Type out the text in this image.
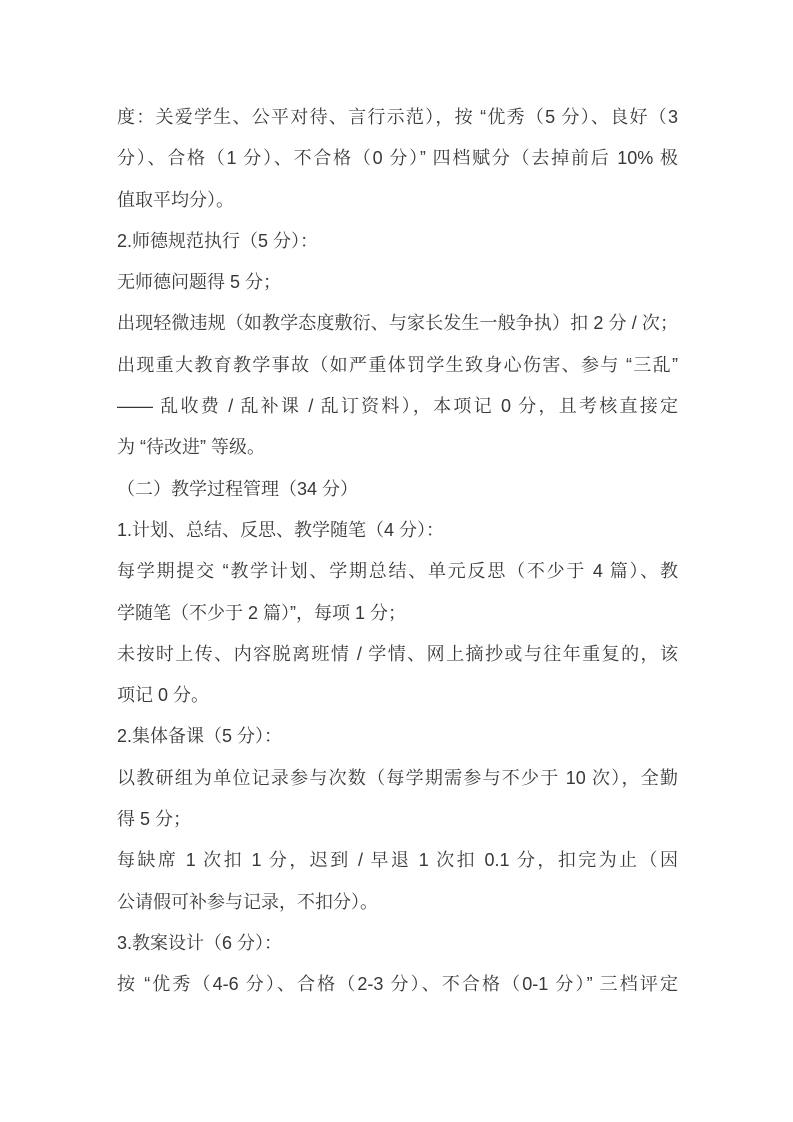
度：关爱学生、公平对待、言行示范），按 “优秀（5 分）、良好（3
分）、合格（1 分）、不合格（0 分）” 四档赋分（去掉前后 10% 极
值取平均分）。
2.师德规范执行（5 分）：
无师德问题得 5 分；
出现轻微违规（如教学态度敷衍、与家长发生一般争执）扣 2 分 / 次；
出现重大教育教学事故（如严重体罚学生致身心伤害、参与 “三乱”
—— 乱收费 / 乱补课 / 乱订资料），本项记 0 分，且考核直接定
为 “待改进” 等级。
（二）教学过程管理（34 分）
1.计划、总结、反思、教学随笔（4 分）：
每学期提交 “教学计划、学期总结、单元反思（不少于 4 篇）、教
学随笔（不少于 2 篇）”，每项 1 分；
未按时上传、内容脱离班情 / 学情、网上摘抄或与往年重复的，该
项记 0 分。
2.集体备课（5 分）：
以教研组为单位记录参与次数（每学期需参与不少于 10 次），全勤
得 5 分；
每缺席 1 次扣 1 分，迟到 / 早退 1 次扣 0.1 分，扣完为止（因
公请假可补参与记录，不扣分）。
3.教案设计（6 分）：
按 “优秀（4-6 分）、合格（2-3 分）、不合格（0-1 分）” 三档评定
